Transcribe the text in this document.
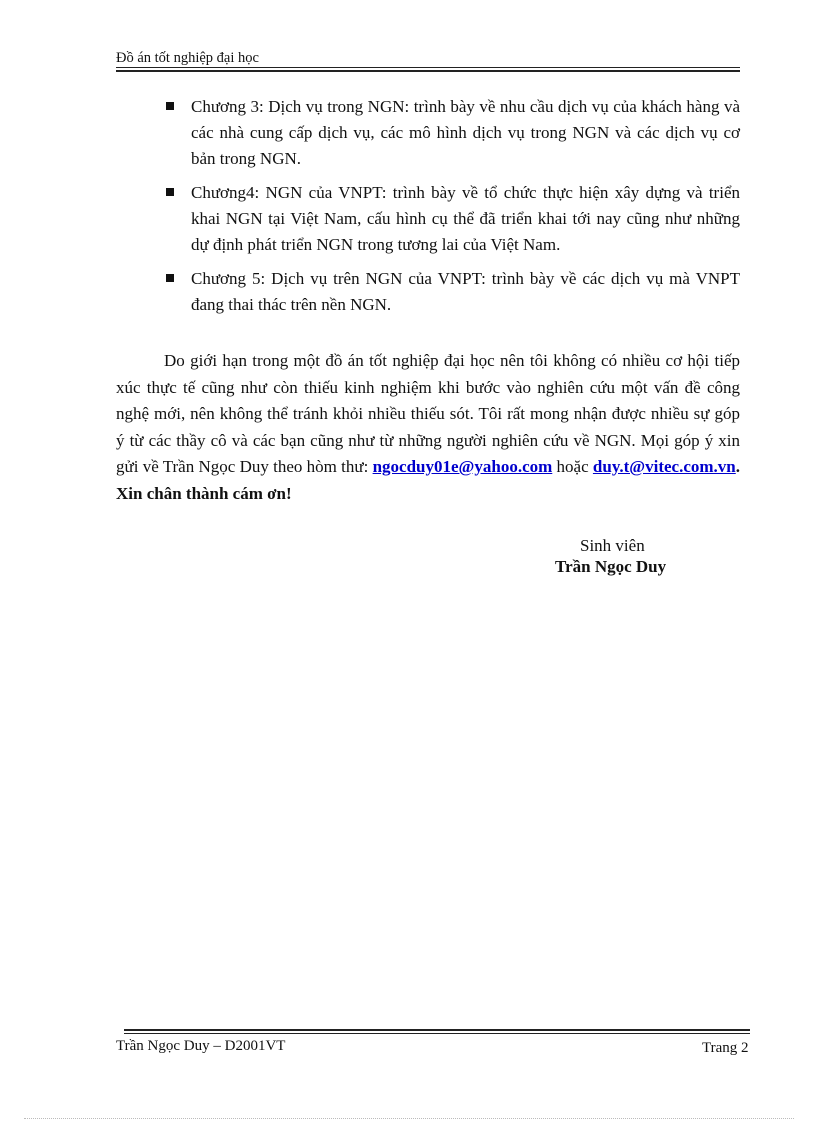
Đồ án tốt nghiệp đại học
Chương 3: Dịch vụ trong NGN: trình bày về nhu cầu dịch vụ của khách hàng và các nhà cung cấp dịch vụ, các mô hình dịch vụ trong NGN và các dịch vụ cơ bản trong NGN.
Chương4: NGN của VNPT: trình bày về tổ chức thực hiện xây dựng và triển khai NGN tại Việt Nam, cấu hình cụ thể đã triển khai tới nay cũng như những dự định phát triển NGN trong tương lai của Việt Nam.
Chương 5: Dịch vụ trên NGN của VNPT: trình bày về các dịch vụ mà VNPT đang thai thác trên nền NGN.

Do giới hạn trong một đồ án tốt nghiệp đại học nên tôi không có nhiều cơ hội tiếp xúc thực tế cũng như còn thiếu kinh nghiệm khi bước vào nghiên cứu một vấn đề công nghệ mới, nên không thể tránh khỏi nhiều thiếu sót. Tôi rất mong nhận được nhiều sự góp ý từ các thầy cô và các bạn cũng như từ những người nghiên cứu về NGN. Mọi góp ý xin gửi về Trần Ngọc Duy theo hòm thư: ngocduy01e@yahoo.com hoặc duy.t@vitec.com.vn. Xin chân thành cám ơn!

Sinh viên
Trần Ngọc Duy
Trần Ngọc Duy – D2001VT	Trang 2
